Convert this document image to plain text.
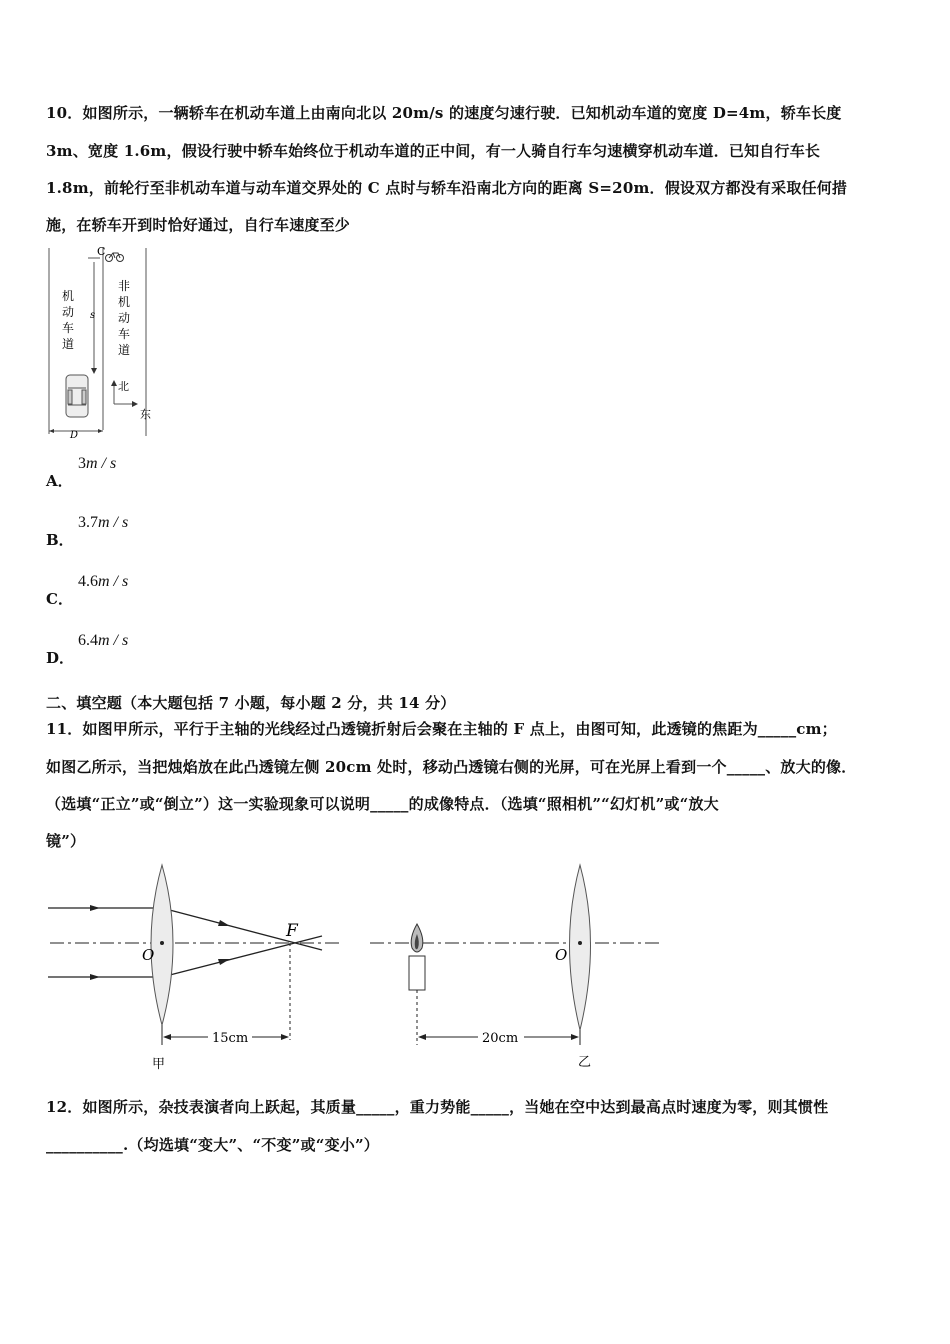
10．如图所示，一辆轿车在机动车道上由南向北以 20m/s 的速度匀速行驶．已知机动车道的宽度 D=4m，轿车长度
3m、宽度 1.6m，假设行驶中轿车始终位于机动车道的正中间，有一人骑自行车匀速横穿机动车道．已知自行车长
1.8m，前轮行至非机动车道与动车道交界处的 C 点时与轿车沿南北方向的距离 S=20m．假设双方都没有采取任何措
施，在轿车开到时恰好通过，自行车速度至少
C
s
D
北
东
机
动
车
道
非
机
动
车
道
A．
3m / s
B．
3.7m / s
C．
4.6m / s
D．
6.4m / s
二、填空题（本大题包括 7 小题，每小题 2 分，共 14 分）
11．如图甲所示，平行于主轴的光线经过凸透镜折射后会聚在主轴的 F 点上，由图可知，此透镜的焦距为_____cm；
如图乙所示，当把烛焰放在此凸透镜左侧 20cm 处时，移动凸透镜右侧的光屏，可在光屏上看到一个_____、放大的像．
（选填“正立”或“倒立”）这一实验现象可以说明_____的成像特点．（选填“照相机”“幻灯机”或“放大
镜”）
15cm
F
O
甲
20cm
O
乙
12．如图所示，杂技表演者向上跃起，其质量_____，重力势能_____，当她在空中达到最高点时速度为零，则其惯性
__________.（均选填“变大”、“不变”或“变小”）
